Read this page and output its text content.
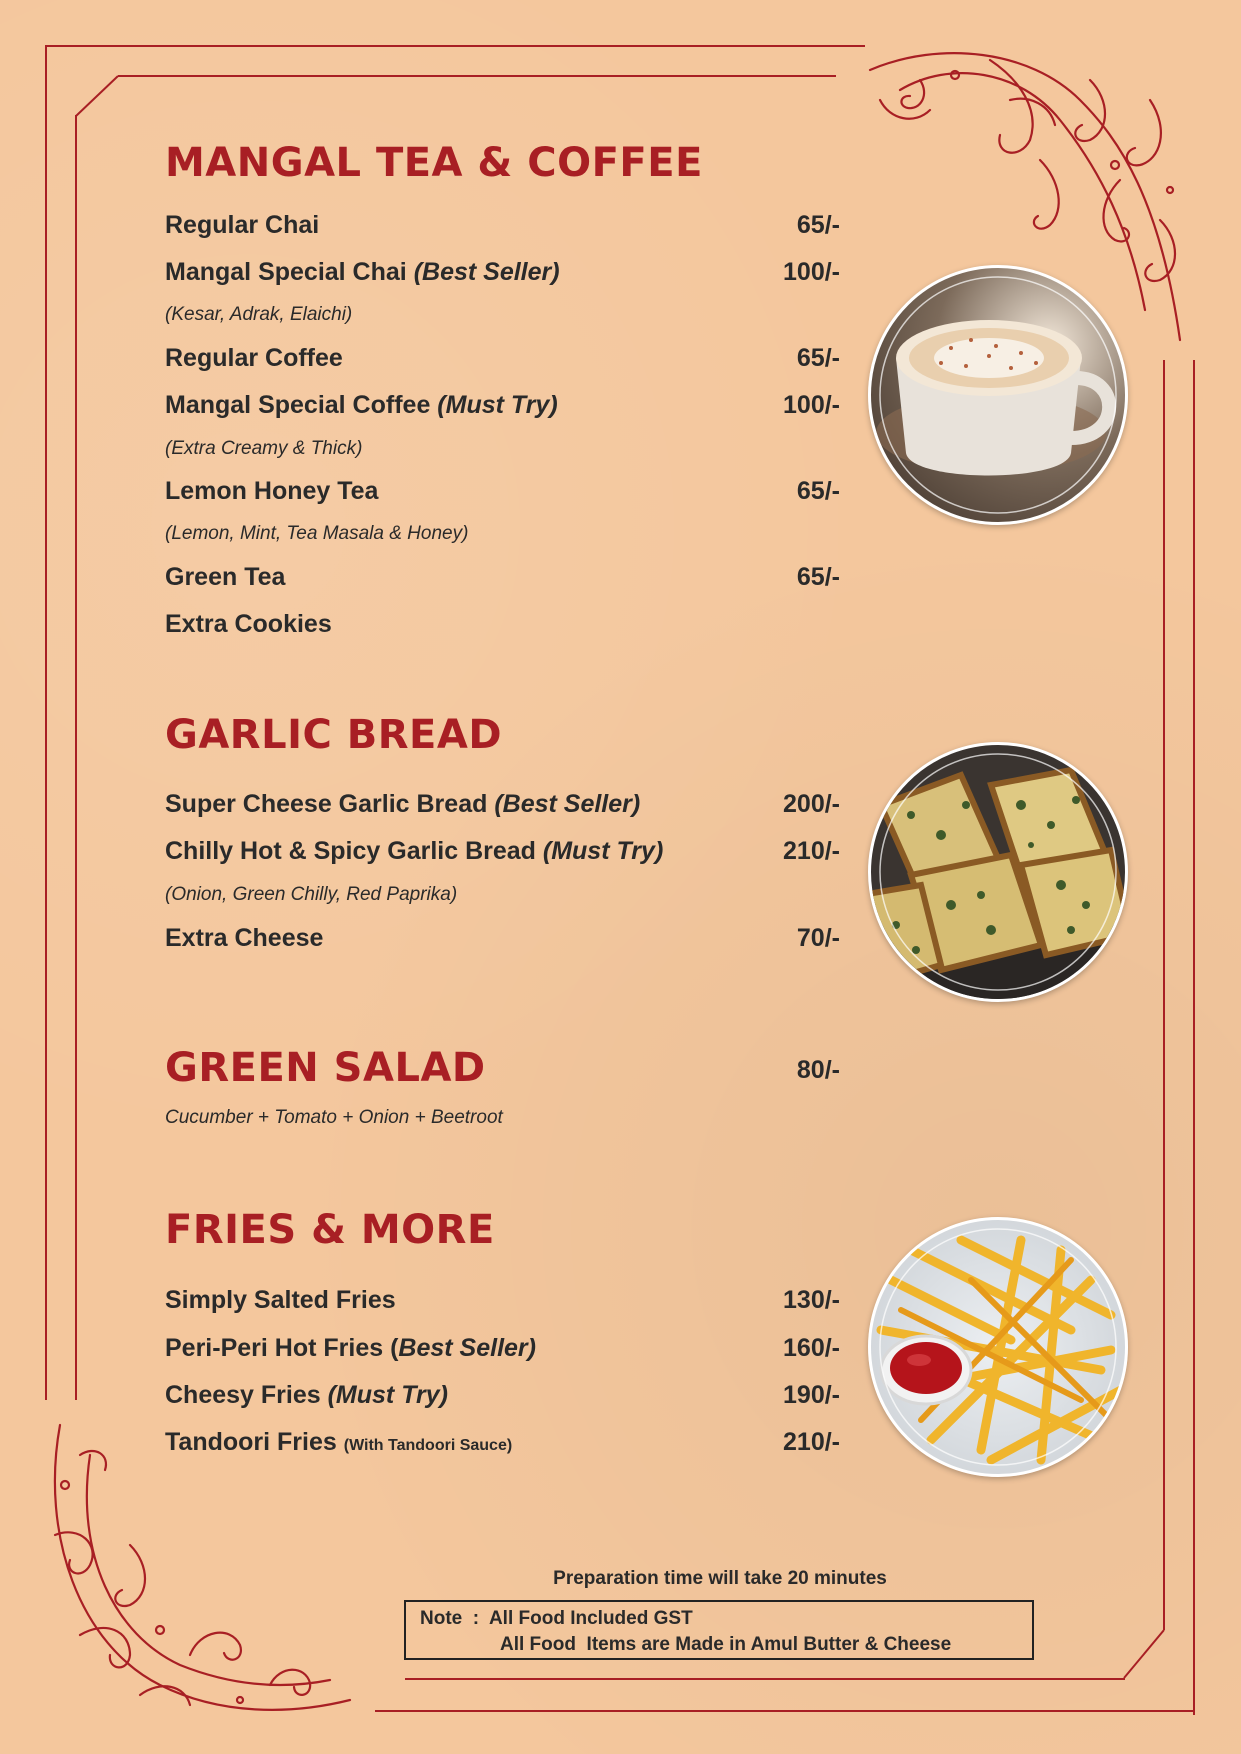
MANGAL TEA & COFFEE
Regular Chai	65/-
Mangal Special Chai (Best Seller)	100/-
(Kesar, Adrak, Elaichi)
Regular Coffee	65/-
Mangal Special Coffee (Must Try)	100/-
(Extra Creamy & Thick)
Lemon Honey Tea	65/-
(Lemon, Mint, Tea Masala & Honey)
Green Tea	65/-
Extra Cookies
GARLIC BREAD
Super Cheese Garlic Bread (Best Seller)	200/-
Chilly Hot & Spicy Garlic Bread (Must Try)	210/-
(Onion, Green Chilly, Red Paprika)
Extra Cheese	70/-
GREEN SALAD	80/-
Cucumber + Tomato + Onion + Beetroot
FRIES & MORE
Simply Salted Fries	130/-
Peri-Peri Hot Fries (Best Seller)	160/-
Cheesy Fries (Must Try)	190/-
Tandoori Fries (With Tandoori Sauce)	210/-
Preparation time will take 20 minutes
Note  :  All Food Included GST
All Food  Items are Made in Amul Butter & Cheese
